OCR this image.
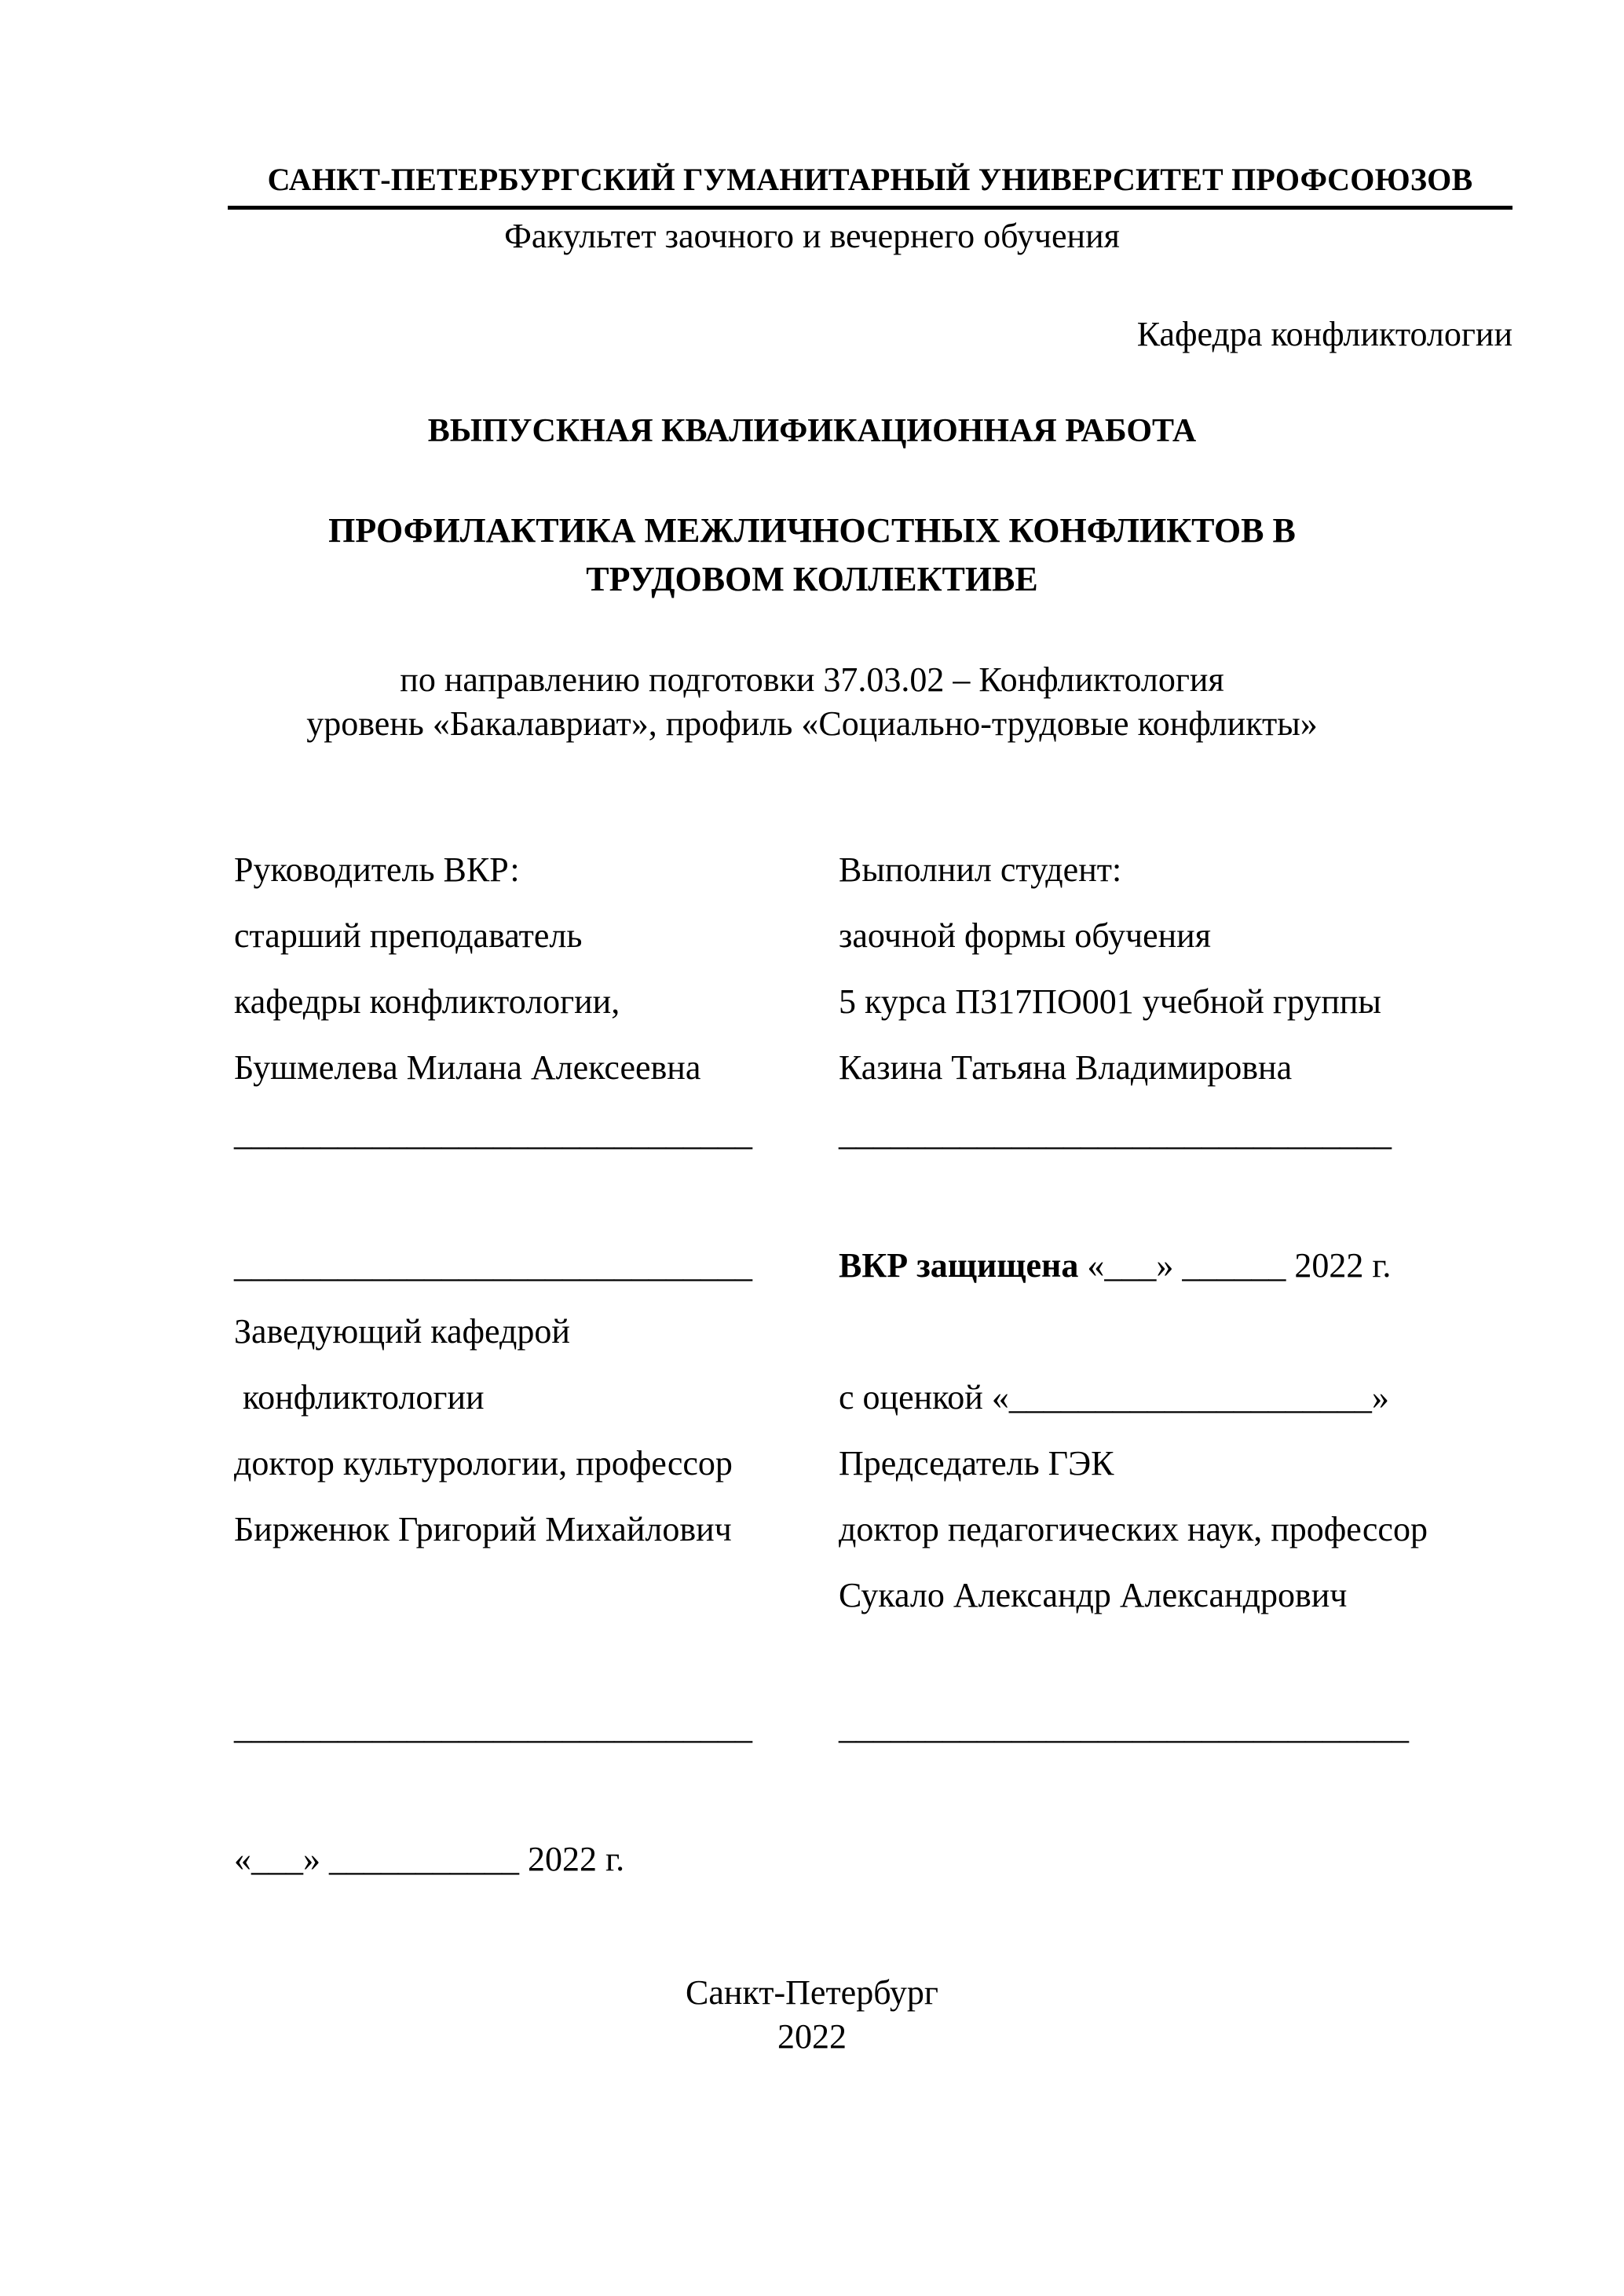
САНКТ-ПЕТЕРБУРГСКИЙ ГУМАНИТАРНЫЙ УНИВЕРСИТЕТ ПРОФСОЮЗОВ
Факультет заочного и вечернего обучения
Кафедра конфликтологии
ВЫПУСКНАЯ КВАЛИФИКАЦИОННАЯ РАБОТА
ПРОФИЛАКТИКА МЕЖЛИЧНОСТНЫХ КОНФЛИКТОВ В
ТРУДОВОМ КОЛЛЕКТИВЕ
по направлению подготовки 37.03.02 – Конфликтология
уровень «Бакалавриат», профиль «Социально-трудовые конфликты»
Руководитель ВКР:
старший преподаватель
кафедры конфликтологии,
Бушмелева Милана Алексеевна
______________________________
______________________________
Заведующий кафедрой
конфликтологии
доктор культурологии, профессор
Бирженюк Григорий Михайлович
______________________________
«___» ___________ 2022 г.
Выполнил студент:
заочной формы обучения
5 курса ПЗ17ПО001 учебной группы
Казина Татьяна Владимировна
________________________________
ВКР защищена «___» ______ 2022 г.
с оценкой «_____________________»
Председатель ГЭК
доктор педагогических наук, профессор
Сукало Александр Александрович
_________________________________
Санкт-Петербург
2022
